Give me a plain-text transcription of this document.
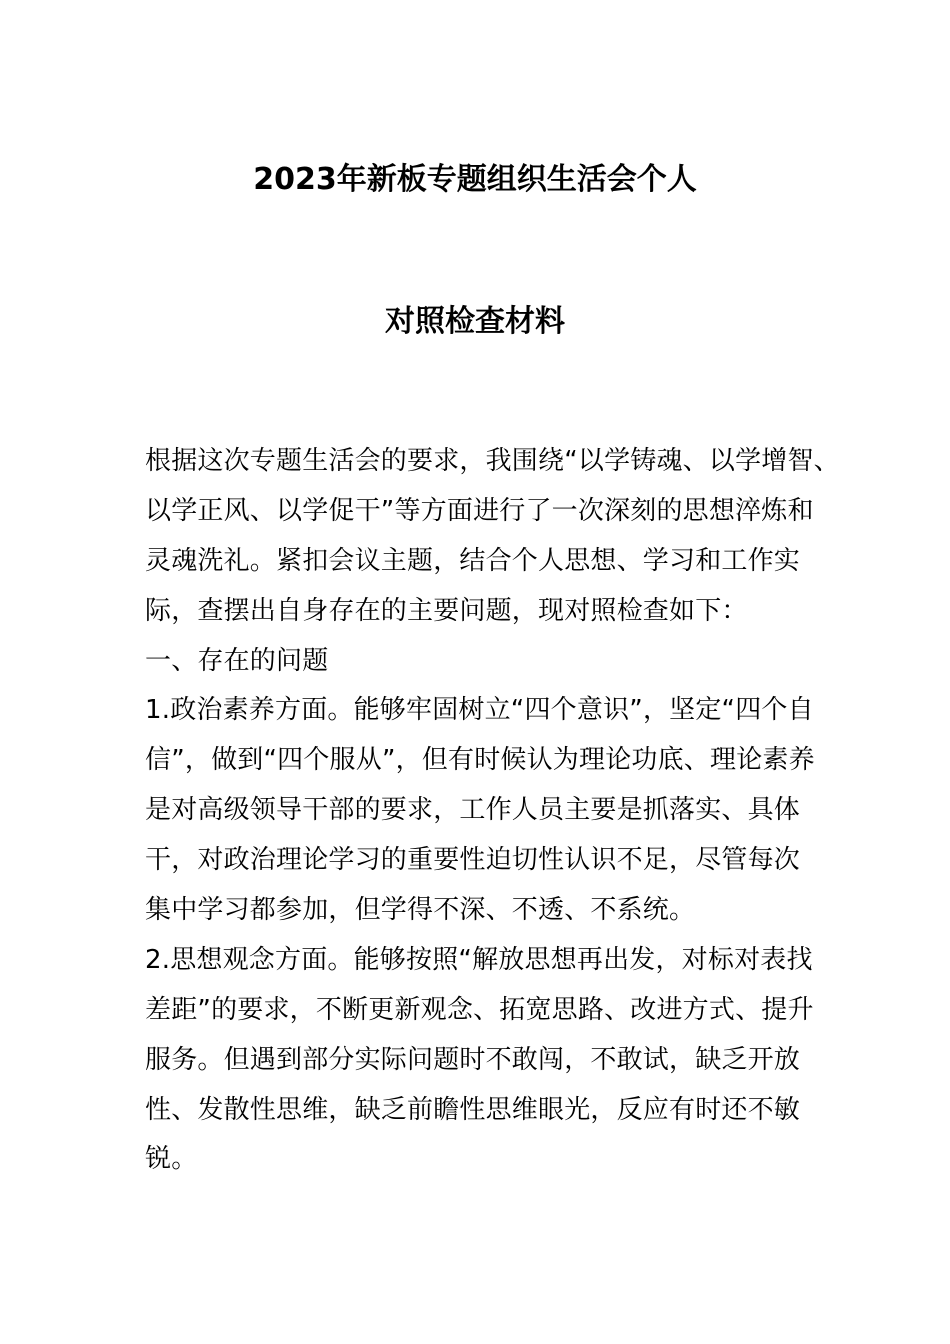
2023年新板专题组织生活会个人
对照检查材料
根据这次专题生活会的要求，我围绕“以学铸魂、以学增智、
以学正风、以学促干”等方面进行了一次深刻的思想淬炼和
灵魂洗礼。紧扣会议主题，结合个人思想、学习和工作实
际，查摆出自身存在的主要问题，现对照检查如下：
一、存在的问题
1.政治素养方面。能够牢固树立“四个意识”，坚定“四个自
信”，做到“四个服从”，但有时候认为理论功底、理论素养
是对高级领导干部的要求，工作人员主要是抓落实、具体
干，对政治理论学习的重要性迫切性认识不足，尽管每次
集中学习都参加，但学得不深、不透、不系统。
2.思想观念方面。能够按照“解放思想再出发，对标对表找
差距”的要求，不断更新观念、拓宽思路、改进方式、提升
服务。但遇到部分实际问题时不敢闯，不敢试，缺乏开放
性、发散性思维，缺乏前瞻性思维眼光，反应有时还不敏
锐。
